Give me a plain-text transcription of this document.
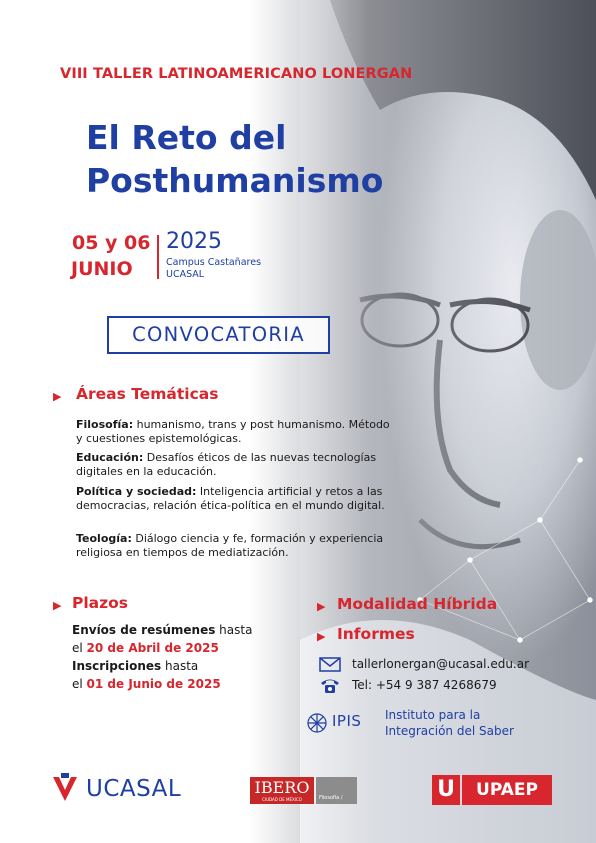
VIII TALLER LATINOAMERICANO LONERGAN
El Reto del
Posthumanismo
05 y 06
JUNIO
2025
Campus Castañares
UCASAL
CONVOCATORIA
▶ Áreas Temáticas
Filosofía: humanismo, trans y post humanismo. Método y cuestiones epistemológicas.
Educación: Desafíos éticos de las nuevas tecnologías digitales en la educación.
Política y sociedad: Inteligencia artificial y retos a las democracias, relación ética-política en el mundo digital.
Teología: Diálogo ciencia y fe, formación y experiencia religiosa en tiempos de mediatización.
▶ Plazos
Envíos de resúmenes hasta
el 20 de Abril de 2025
Inscripciones hasta
el 01 de Junio de 2025
▶ Modalidad Híbrida
▶ Informes
tallerlonergan@ucasal.edu.ar
Tel: +54 9 387 4268679
IPIS Instituto para la
Integración del Saber
UCASAL	IBERO
CIUDAD DE MÉXICO	Filosofía /	U	UPAEP
